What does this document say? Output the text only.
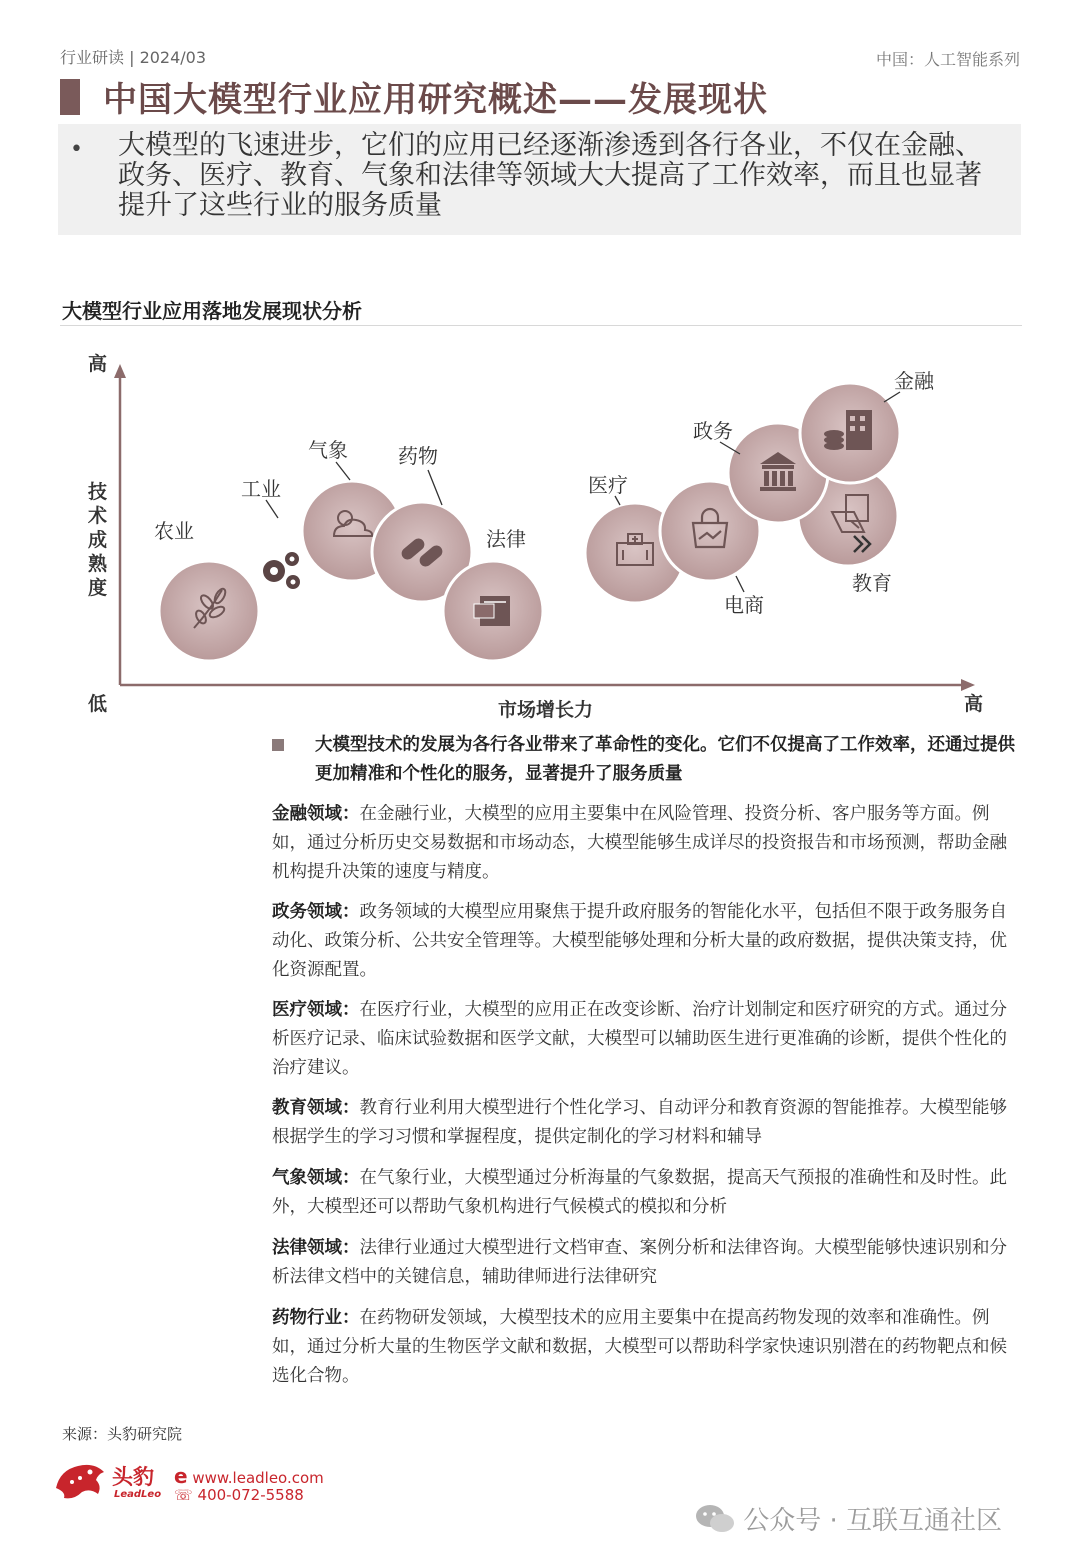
行业研读 | 2024/03	中国：人工智能系列
中国大模型行业应用研究概述——发展现状
• 大模型的飞速进步，它们的应用已经逐渐渗透到各行各业，不仅在金融、政务、医疗、教育、气象和法律等领域大大提高了工作效率，而且也显著提升了这些行业的服务质量
大模型行业应用落地发展现状分析
高
技
术
成
熟
度
低	市场增长力	高
农业
工业
气象	药物
法律
医疗
电商
教育
政务
金融
大模型技术的发展为各行各业带来了革命性的变化。它们不仅提高了工作效率，还通过提供更加精准和个性化的服务，显著提升了服务质量
金融领域：在金融行业，大模型的应用主要集中在风险管理、投资分析、客户服务等方面。例如，通过分析历史交易数据和市场动态，大模型能够生成详尽的投资报告和市场预测，帮助金融机构提升决策的速度与精度。
政务领域：政务领域的大模型应用聚焦于提升政府服务的智能化水平，包括但不限于政务服务自动化、政策分析、公共安全管理等。大模型能够处理和分析大量的政府数据，提供决策支持，优化资源配置。
医疗领域：在医疗行业，大模型的应用正在改变诊断、治疗计划制定和医疗研究的方式。通过分析医疗记录、临床试验数据和医学文献，大模型可以辅助医生进行更准确的诊断，提供个性化的治疗建议。
教育领域：教育行业利用大模型进行个性化学习、自动评分和教育资源的智能推荐。大模型能够根据学生的学习习惯和掌握程度，提供定制化的学习材料和辅导
气象领域：在气象行业，大模型通过分析海量的气象数据，提高天气预报的准确性和及时性。此外，大模型还可以帮助气象机构进行气候模式的模拟和分析
法律领域：法律行业通过大模型进行文档审查、案例分析和法律咨询。大模型能够快速识别和分析法律文档中的关键信息，辅助律师进行法律研究
药物行业：在药物研发领域，大模型技术的应用主要集中在提高药物发现的效率和准确性。例如，通过分析大量的生物医学文献和数据，大模型可以帮助科学家快速识别潜在的药物靶点和候选化合物。
来源：头豹研究院
头豹
LeadLeo
e www.leadleo.com
☏ 400-072-5588
公众号 · 互联互通社区
